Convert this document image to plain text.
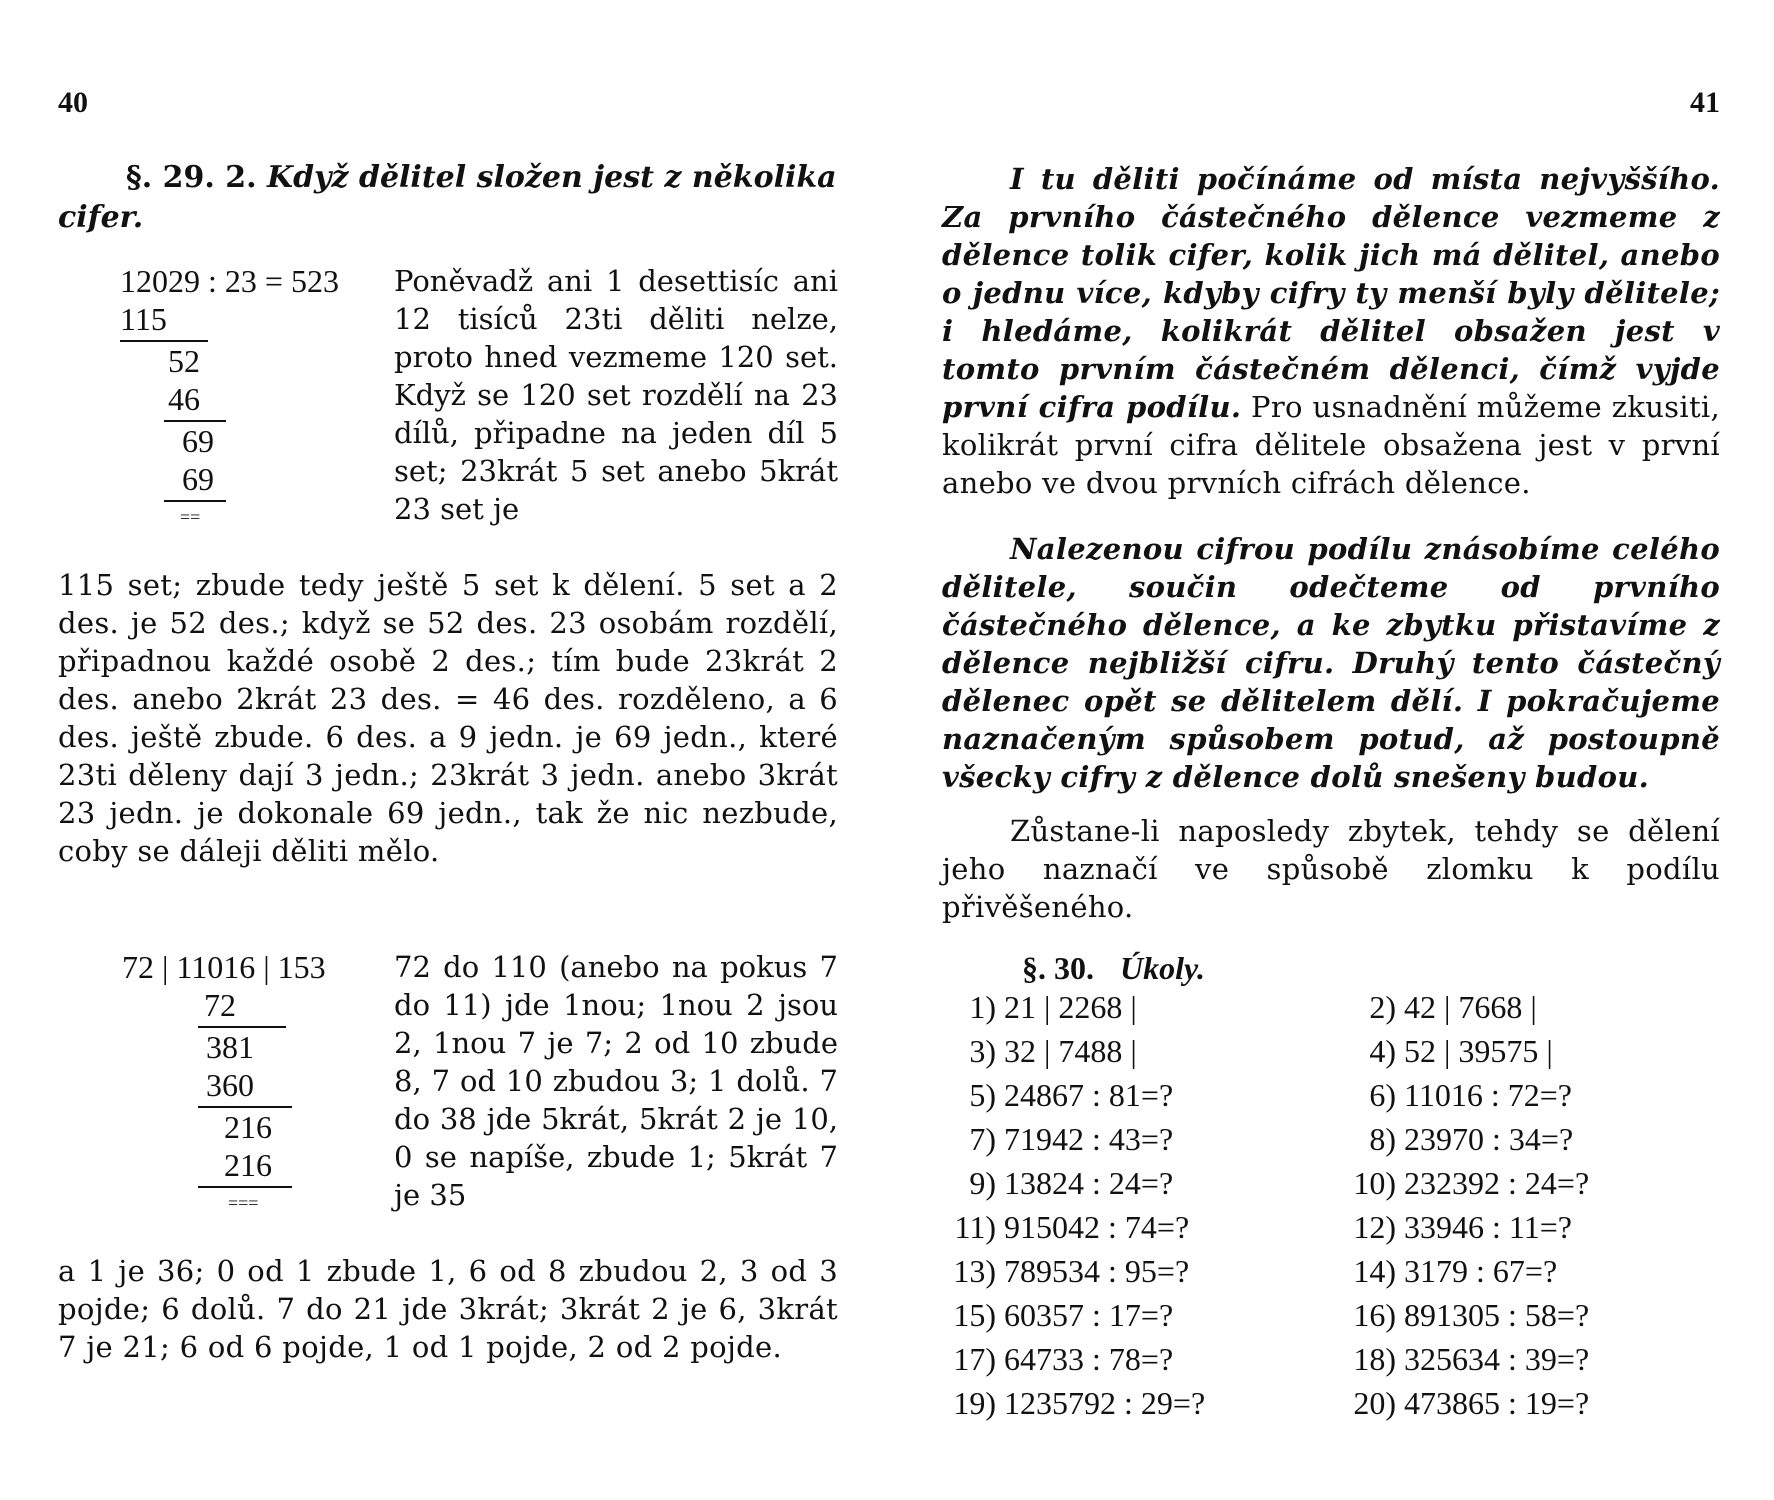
40
§. 29. 2. Když dělitel složen jest z několika cifer.
12029 : 23 = 523
115
52
46
69
69
==
Poněvadž ani 1 desettisíc ani 12 tisíců 23ti děliti nelze, proto hned vezmeme 120 set. Když se 120 set rozdělí na 23 dílů, připadne na jeden díl 5 set; 23krát 5 set anebo 5krát 23 set je
115 set; zbude tedy ještě 5 set k dělení. 5 set a 2 des. je 52 des.; když se 52 des. 23 osobám rozdělí, připadnou každé osobě 2 des.; tím bude 23krát 2 des. anebo 2krát 23 des. = 46 des. rozděleno, a 6 des. ještě zbude. 6 des. a 9 jedn. je 69 jedn., které 23ti děleny dají 3 jedn.; 23krát 3 jedn. anebo 3krát 23 jedn. je dokonale 69 jedn., tak že nic nezbude, coby se dáleji děliti mělo.
72 | 11016 | 153
72
381
360
216
216
===
72 do 110 (anebo na pokus 7 do 11) jde 1nou; 1nou 2 jsou 2, 1nou 7 je 7; 2 od 10 zbude 8, 7 od 10 zbudou 3; 1 dolů. 7 do 38 jde 5krát, 5krát 2 je 10, 0 se napíše, zbude 1; 5krát 7 je 35
a 1 je 36; 0 od 1 zbude 1, 6 od 8 zbudou 2, 3 od 3 pojde; 6 dolů. 7 do 21 jde 3krát; 3krát 2 je 6, 3krát 7 je 21; 6 od 6 pojde, 1 od 1 pojde, 2 od 2 pojde.
41
I tu děliti počínáme od místa nejvyššího. Za prvního částečného dělence vezmeme z dělence tolik cifer, kolik jich má dělitel, anebo o jednu více, kdyby cifry ty menší byly dělitele; i hledáme, kolikrát dělitel obsažen jest v tomto prvním částečném dělenci, čímž vyjde první cifra podílu. Pro usnadnění můžeme zkusiti, kolikrát první cifra dělitele obsažena jest v první anebo ve dvou prvních cifrách dělence.
Nalezenou cifrou podílu znásobíme celého dělitele, součin odečteme od prvního částečného dělence, a ke zbytku přistavíme z dělence nejbližší cifru. Druhý tento částečný dělenec opět se dělitelem dělí. I pokračujeme naznačeným spůsobem potud, až postoupně všecky cifry z dělence dolů snešeny budou.
Zůstane-li naposledy zbytek, tehdy se dělení jeho naznačí ve spůsobě zlomku k podílu přivěšeného.
§. 30. Úkoly.
1) 21 | 2268 |
3) 32 | 7488 |
5) 24867 : 81=?
7) 71942 : 43=?
9) 13824 : 24=?
11) 915042 : 74=?
13) 789534 : 95=?
15) 60357 : 17=?
17) 64733 : 78=?
19) 1235792 : 29=?
2) 42 | 7668 |
4) 52 | 39575 |
6) 11016 : 72=?
8) 23970 : 34=?
10) 232392 : 24=?
12) 33946 : 11=?
14) 3179 : 67=?
16) 891305 : 58=?
18) 325634 : 39=?
20) 473865 : 19=?
